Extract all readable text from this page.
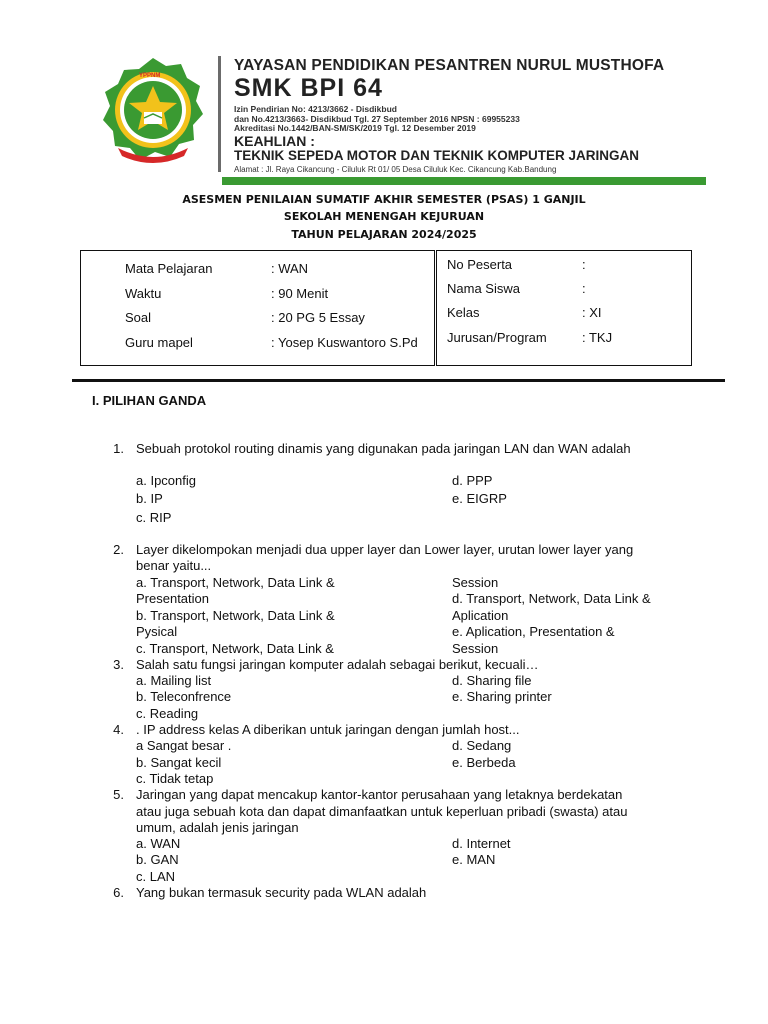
YPPNM
YAYASAN PENDIDIKAN PESANTREN NURUL MUSTHOFA
SMK BPI 64
Izin Pendirian No: 4213/3662 - Disdikbud
dan No.4213/3663- Disdikbud Tgl. 27 September 2016 NPSN : 69955233
Akreditasi No.1442/BAN-SM/SK/2019 Tgl. 12 Desember 2019
KEAHLIAN :
TEKNIK SEPEDA MOTOR DAN TEKNIK KOMPUTER JARINGAN
Alamat : Jl. Raya Cikancung - Ciluluk Rt 01/ 05 Desa Ciluluk Kec. Cikancung Kab.Bandung
ASESMEN PENILAIAN SUMATIF AKHIR SEMESTER (PSAS) 1 GANJIL
SEKOLAH MENENGAH KEJURUAN
TAHUN PELAJARAN 2024/2025
Mata Pelajaran	: WAN
Waktu	: 90 Menit
Soal	: 20 PG 5 Essay
Guru mapel	: Yosep Kuswantoro S.Pd
No Peserta	:
Nama Siswa	:
Kelas	: XI
Jurusan/Program	: TKJ
I. PILIHAN GANDA
1. Sebuah protokol routing dinamis yang digunakan pada jaringan LAN dan WAN adalah
a. Ipconfig
b. IP
c. RIP
d. PPP
e. EIGRP
2. Layer dikelompokan menjadi dua upper layer dan Lower layer, urutan lower layer yang
benar yaitu...
a. Transport, Network, Data Link &
Presentation
b. Transport, Network, Data Link &
Pysical
c. Transport, Network, Data Link &
Session
d. Transport, Network, Data Link &
Aplication
e. Aplication, Presentation &
Session
3. Salah satu fungsi jaringan komputer adalah sebagai berikut, kecuali…
a. Mailing list
b. Teleconfrence
c. Reading
d. Sharing file
e. Sharing printer
4. . IP address kelas A diberikan untuk jaringan dengan jumlah host...
a Sangat besar .
b. Sangat kecil
c. Tidak tetap
d. Sedang
e. Berbeda
5. Jaringan yang dapat mencakup kantor-kantor perusahaan yang letaknya berdekatan
atau juga sebuah kota dan dapat dimanfaatkan untuk keperluan pribadi (swasta) atau
umum, adalah jenis jaringan
a. WAN
b. GAN
c. LAN
d. Internet
e. MAN
6. Yang bukan termasuk security pada WLAN adalah
